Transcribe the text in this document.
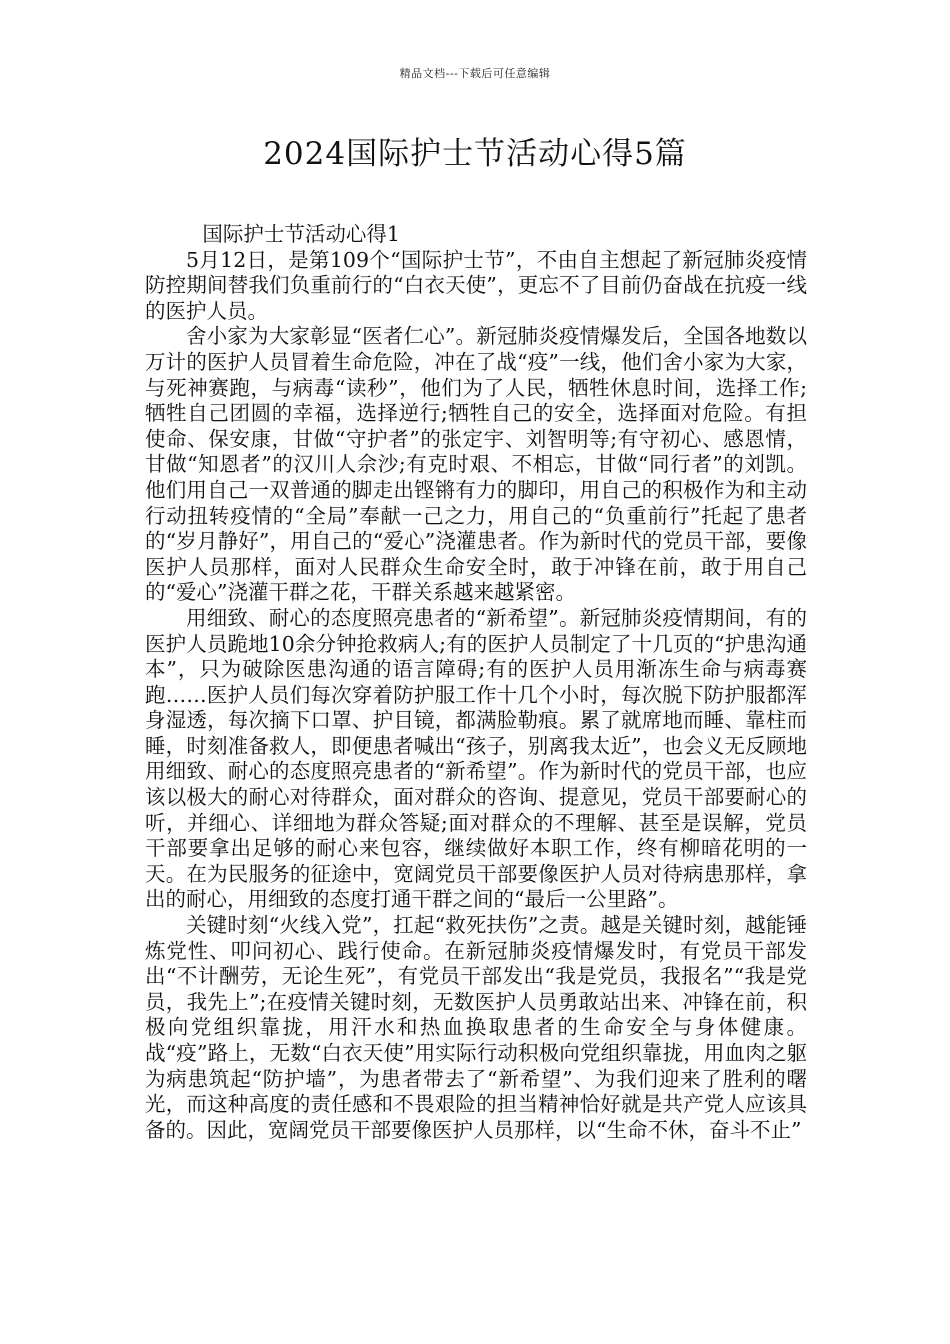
精品文档---下载后可任意编辑
2024国际护士节活动心得5篇
国际护士节活动心得1

5月12日，是第109个“国际护士节”，不由自主想起了新冠肺炎疫情防控期间替我们负重前行的“白衣天使”，更忘不了目前仍奋战在抗疫一线的医护人员。

舍小家为大家彰显“医者仁心”。新冠肺炎疫情爆发后，全国各地数以万计的医护人员冒着生命危险，冲在了战“疫”一线，他们舍小家为大家，与死神赛跑，与病毒“读秒”，他们为了人民，牺牲休息时间，选择工作;牺牲自己团圆的幸福，选择逆行;牺牲自己的安全，选择面对危险。有担使命、保安康，甘做“守护者”的张定宇、刘智明等;有守初心、感恩情，甘做“知恩者”的汉川人佘沙;有克时艰、不相忘，甘做“同行者”的刘凯。他们用自己一双普通的脚走出铿锵有力的脚印，用自己的积极作为和主动行动扭转疫情的“全局”奉献一己之力，用自己的“负重前行”托起了患者的“岁月静好”，用自己的“爱心”浇灌患者。作为新时代的党员干部，要像医护人员那样，面对人民群众生命安全时，敢于冲锋在前，敢于用自己的“爱心”浇灌干群之花，干群关系越来越紧密。

用细致、耐心的态度照亮患者的“新希望”。新冠肺炎疫情期间，有的医护人员跪地10余分钟抢救病人;有的医护人员制定了十几页的“护患沟通本”，只为破除医患沟通的语言障碍;有的医护人员用渐冻生命与病毒赛跑……医护人员们每次穿着防护服工作十几个小时，每次脱下防护服都浑身湿透，每次摘下口罩、护目镜，都满脸勒痕。累了就席地而睡、靠柱而睡，时刻准备救人，即便患者喊出“孩子，别离我太近”，也会义无反顾地用细致、耐心的态度照亮患者的“新希望”。作为新时代的党员干部，也应该以极大的耐心对待群众，面对群众的咨询、提意见，党员干部要耐心的听，并细心、详细地为群众答疑;面对群众的不理解、甚至是误解，党员干部要拿出足够的耐心来包容，继续做好本职工作，终有柳暗花明的一天。在为民服务的征途中，宽阔党员干部要像医护人员对待病患那样，拿出的耐心，用细致的态度打通干群之间的“最后一公里路”。

关键时刻“火线入党”，扛起“救死扶伤”之责。越是关键时刻，越能锤炼党性、叩问初心、践行使命。在新冠肺炎疫情爆发时，有党员干部发出“不计酬劳，无论生死”，有党员干部发出“我是党员，我报名”“我是党员，我先上”;在疫情关键时刻，无数医护人员勇敢站出来、冲锋在前，积极向党组织靠拢，用汗水和热血换取患者的生命安全与身体健康。战“疫”路上，无数“白衣天使”用实际行动积极向党组织靠拢，用血肉之躯为病患筑起“防护墙”，为患者带去了“新希望”、为我们迎来了胜利的曙光，而这种高度的责任感和不畏艰险的担当精神恰好就是共产党人应该具备的。因此，宽阔党员干部要像医护人员那样，以“生命不休，奋斗不止”
